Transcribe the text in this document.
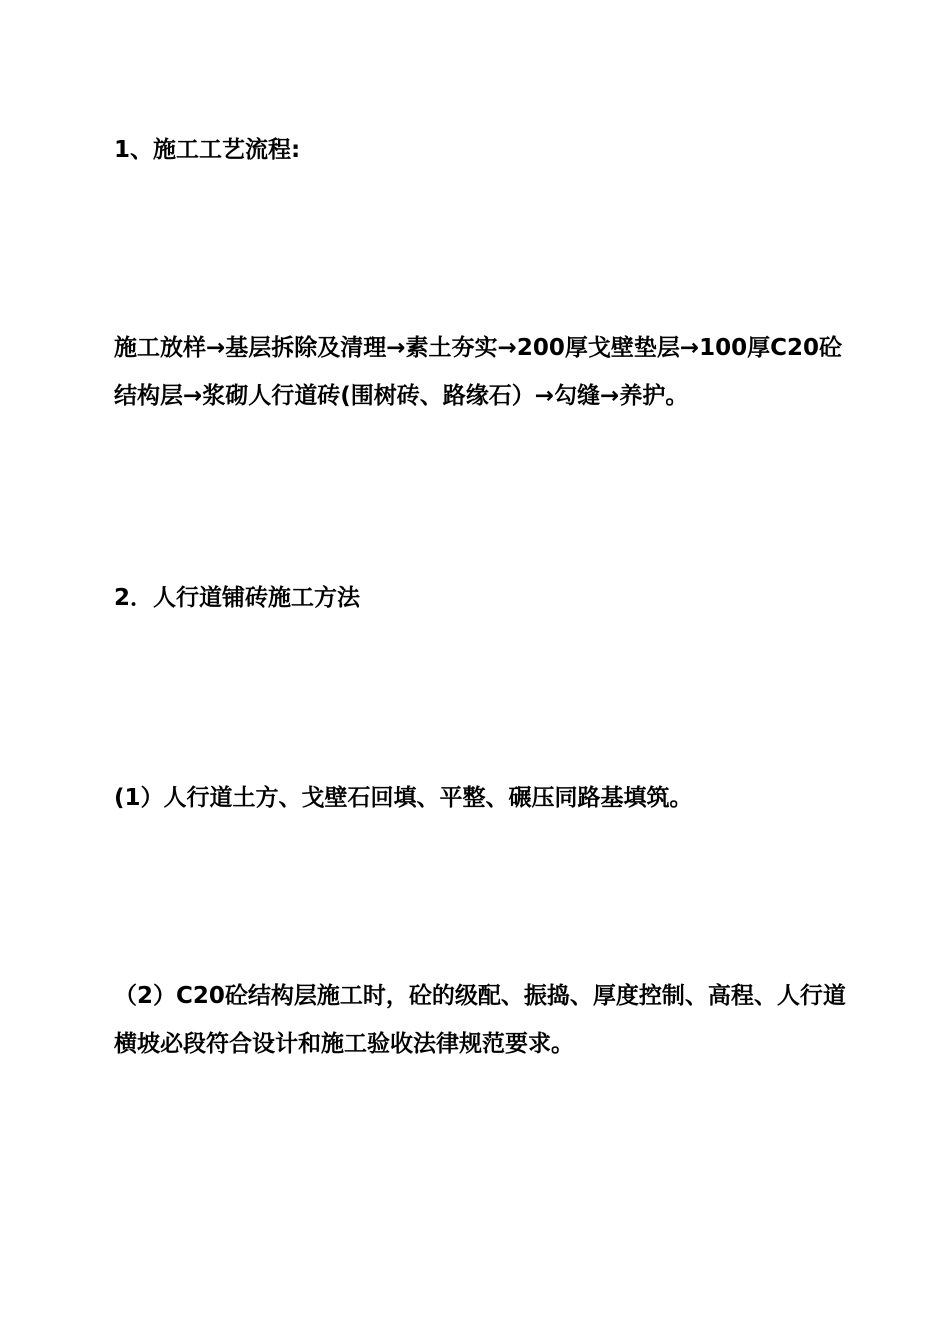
1、施工工艺流程:
施工放样→基层拆除及清理→素土夯实→200厚戈壁垫层→100厚C20砼结构层→浆砌人行道砖(围树砖、路缘石）→勾缝→养护。
2．人行道铺砖施工方法
(1）人行道土方、戈壁石回填、平整、碾压同路基填筑。
（2）C20砼结构层施工时，砼的级配、振捣、厚度控制、高程、人行道横坡必段符合设计和施工验收法律规范要求。
